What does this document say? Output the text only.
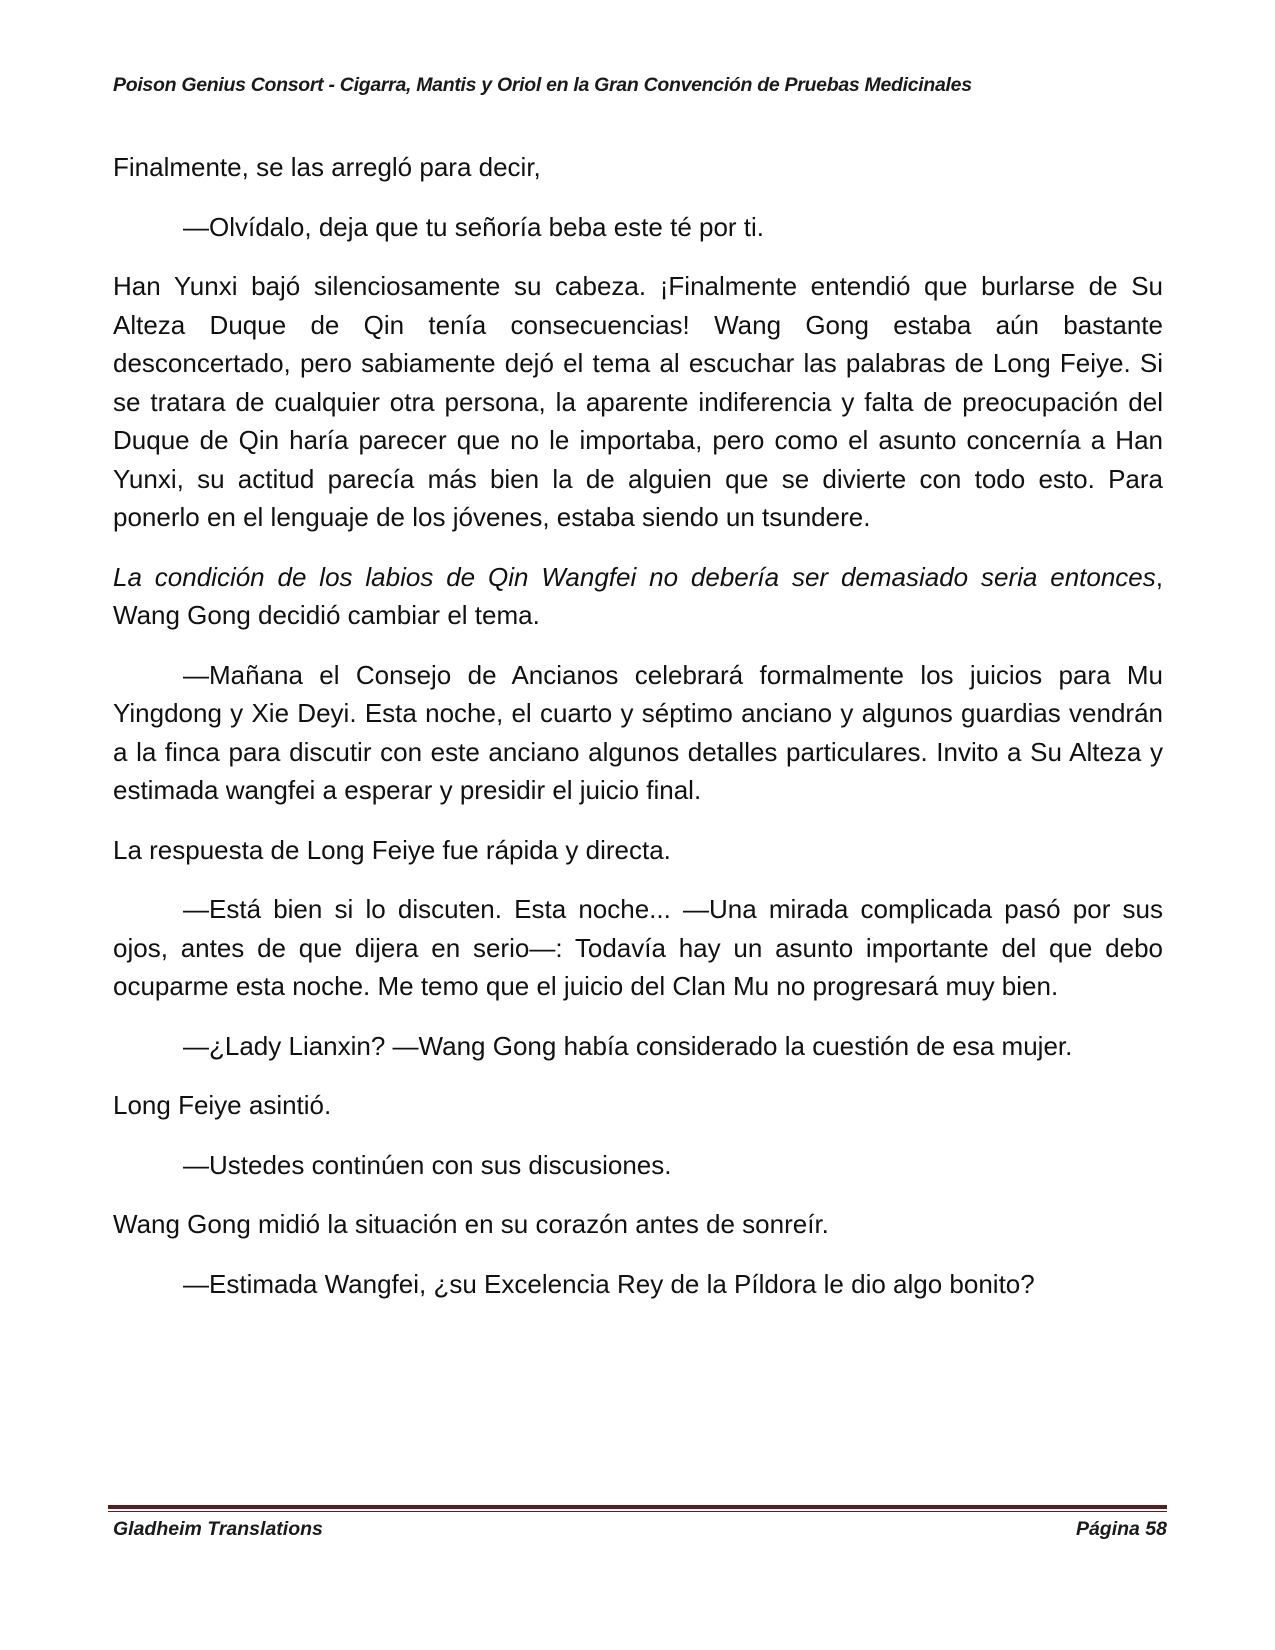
Poison Genius Consort - Cigarra, Mantis y Oriol en la Gran Convención de Pruebas Medicinales

Finalmente, se las arregló para decir,

—Olvídalo, deja que tu señoría beba este té por ti.

Han Yunxi bajó silenciosamente su cabeza. ¡Finalmente entendió que burlarse de Su Alteza Duque de Qin tenía consecuencias! Wang Gong estaba aún bastante desconcertado, pero sabiamente dejó el tema al escuchar las palabras de Long Feiye. Si se tratara de cualquier otra persona, la aparente indiferencia y falta de preocupación del Duque de Qin haría parecer que no le importaba, pero como el asunto concernía a Han Yunxi, su actitud parecía más bien la de alguien que se divierte con todo esto. Para ponerlo en el lenguaje de los jóvenes, estaba siendo un tsundere.

La condición de los labios de Qin Wangfei no debería ser demasiado seria entonces, Wang Gong decidió cambiar el tema.

—Mañana el Consejo de Ancianos celebrará formalmente los juicios para Mu Yingdong y Xie Deyi. Esta noche, el cuarto y séptimo anciano y algunos guardias vendrán a la finca para discutir con este anciano algunos detalles particulares. Invito a Su Alteza y estimada wangfei a esperar y presidir el juicio final.

La respuesta de Long Feiye fue rápida y directa.

—Está bien si lo discuten. Esta noche... —Una mirada complicada pasó por sus ojos, antes de que dijera en serio—: Todavía hay un asunto importante del que debo ocuparme esta noche. Me temo que el juicio del Clan Mu no progresará muy bien.

—¿Lady Lianxin? —Wang Gong había considerado la cuestión de esa mujer.

Long Feiye asintió.

—Ustedes continúen con sus discusiones.

Wang Gong midió la situación en su corazón antes de sonreír.

—Estimada Wangfei, ¿su Excelencia Rey de la Píldora le dio algo bonito?

Gladheim Translations	Página 58
